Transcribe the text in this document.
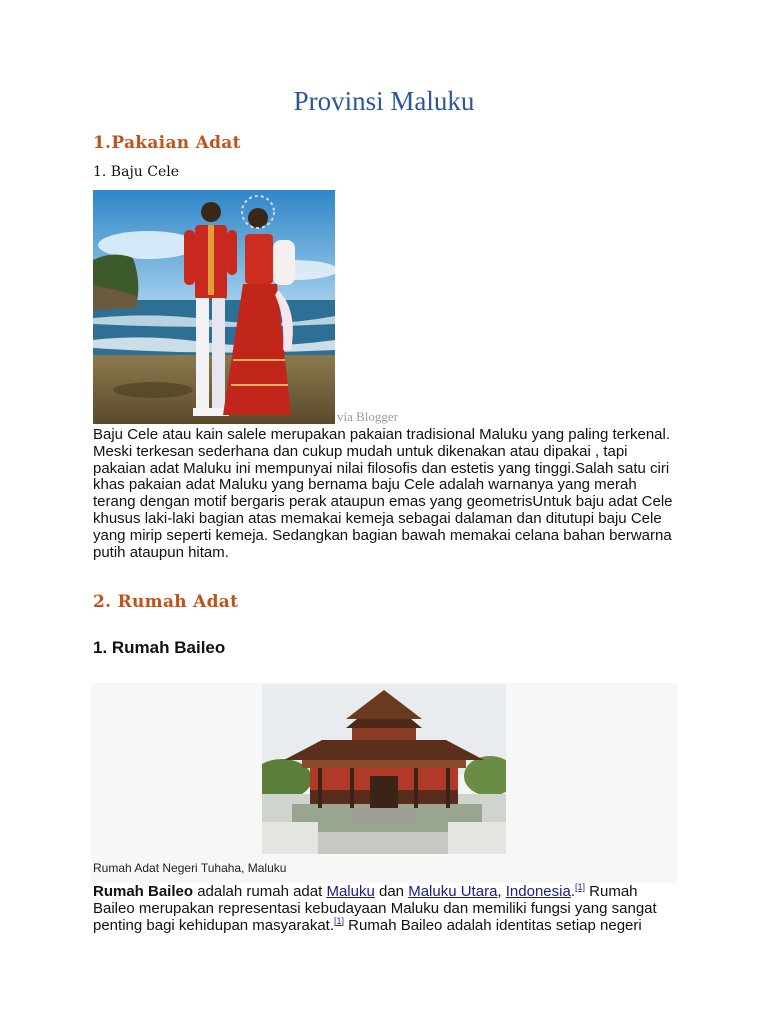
Provinsi Maluku
1.Pakaian Adat
1. Baju Cele
via Blogger
Baju Cele atau kain salele merupakan pakaian tradisional Maluku yang paling terkenal. Meski terkesan sederhana dan cukup mudah untuk dikenakan atau dipakai , tapi pakaian adat Maluku ini mempunyai nilai filosofis dan estetis yang tinggi.Salah satu ciri khas pakaian adat Maluku yang bernama baju Cele adalah warnanya yang merah terang dengan motif bergaris perak ataupun emas yang geometrisUntuk baju adat Cele khusus laki-laki bagian atas memakai kemeja sebagai dalaman dan ditutupi baju Cele yang mirip seperti kemeja. Sedangkan bagian bawah memakai celana bahan berwarna putih ataupun hitam.
2. Rumah Adat
1. Rumah Baileo
Rumah Adat Negeri Tuhaha, Maluku
Rumah Baileo adalah rumah adat Maluku dan Maluku Utara, Indonesia.[1] Rumah Baileo merupakan representasi kebudayaan Maluku dan memiliki fungsi yang sangat penting bagi kehidupan masyarakat.[1] Rumah Baileo adalah identitas setiap negeri
